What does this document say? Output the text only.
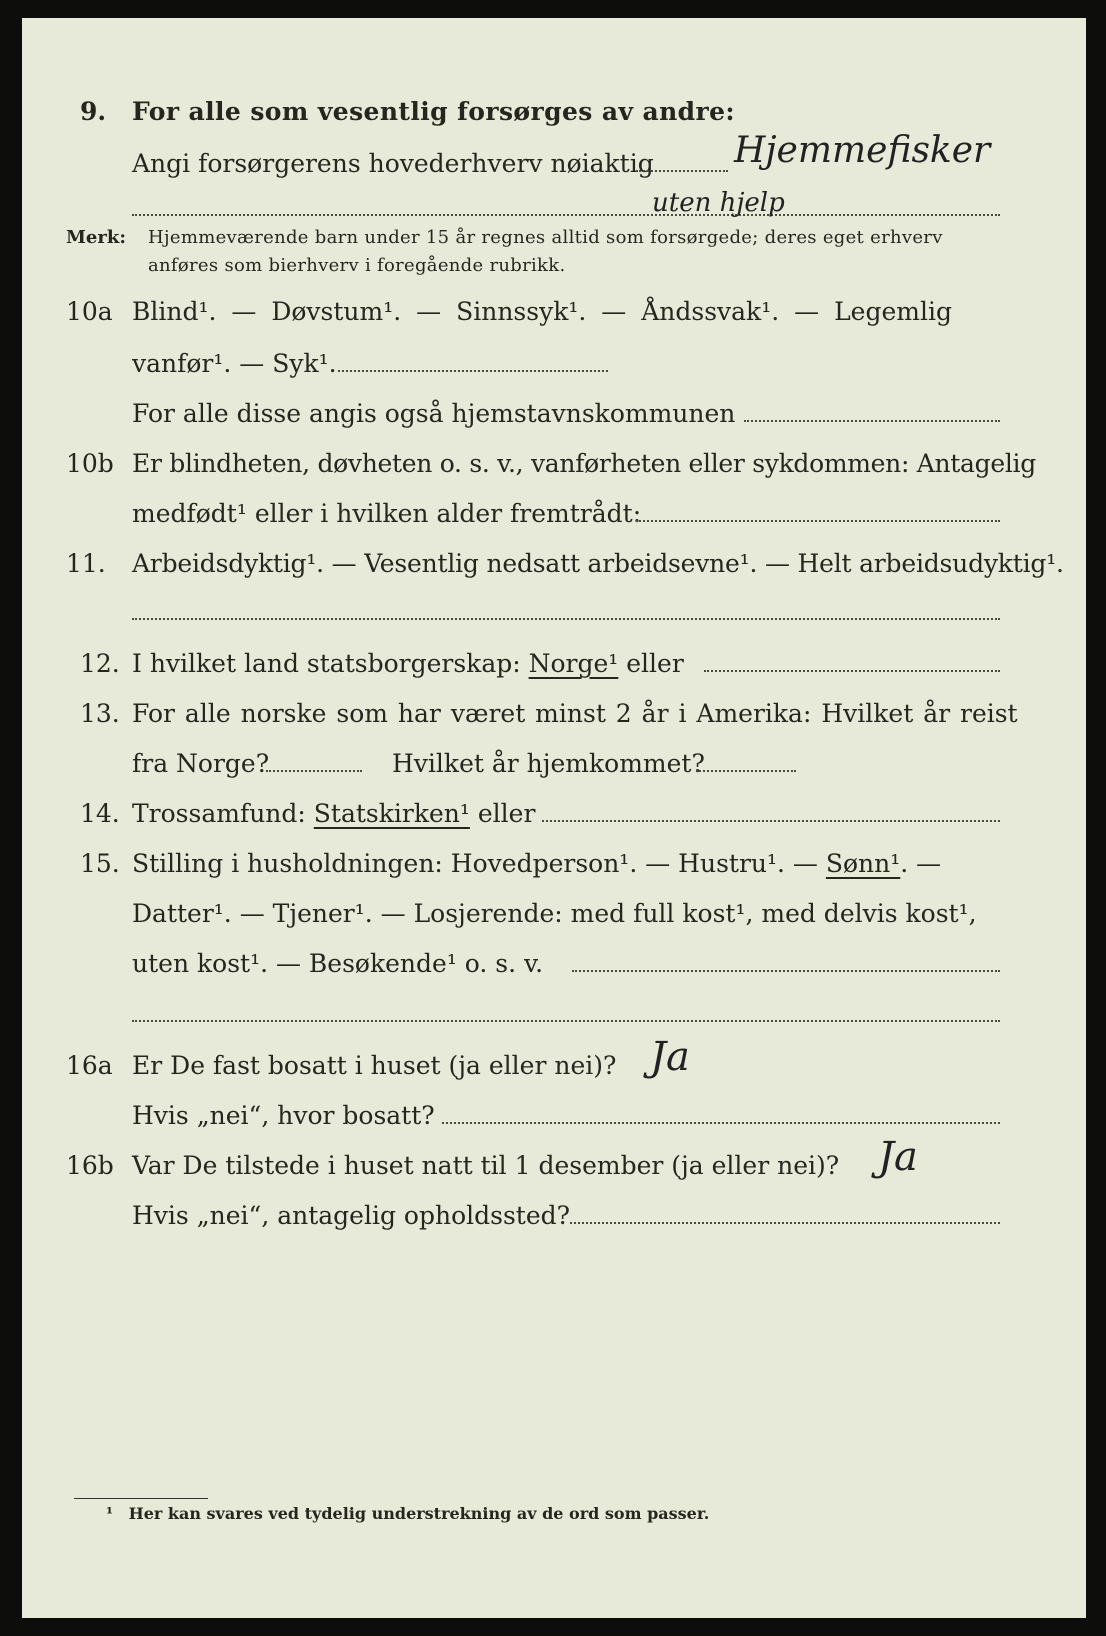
9. For alle som vesentlig forsørges av andre:
Angi forsørgerens hovederhverv nøiaktig Hjemmefisker
uten hjelp
Merk: Hjemmeværende barn under 15 år regnes alltid som forsørgede; deres eget erhverv
anføres som bierhverv i foregående rubrikk.
10a Blind¹. — Døvstum¹. — Sinnssyk¹. — Åndssvak¹. — Legemlig
vanfør¹. — Syk¹.
For alle disse angis også hjemstavnskommunen
10b Er blindheten, døvheten o. s. v., vanførheten eller sykdommen: Antagelig
medfødt¹ eller i hvilken alder fremtrådt:
11. Arbeidsdyktig¹. — Vesentlig nedsatt arbeidsevne¹. — Helt arbeidsudyktig¹.
12. I hvilket land statsborgerskap: Norge¹ eller
13. For alle norske som har været minst 2 år i Amerika: Hvilket år reist
fra Norge?	Hvilket år hjemkommet?
14. Trossamfund: Statskirken¹ eller
15. Stilling i husholdningen: Hovedperson¹. — Hustru¹. — Sønn¹. —
Datter¹. — Tjener¹. — Losjerende: med full kost¹, med delvis kost¹,
uten kost¹. — Besøkende¹ o. s. v.
16a Er De fast bosatt i huset (ja eller nei)? Ja
Hvis „nei“, hvor bosatt?
16b Var De tilstede i huset natt til 1 desember (ja eller nei)? Ja
Hvis „nei“, antagelig opholdssted?
¹ Her kan svares ved tydelig understrekning av de ord som passer.
